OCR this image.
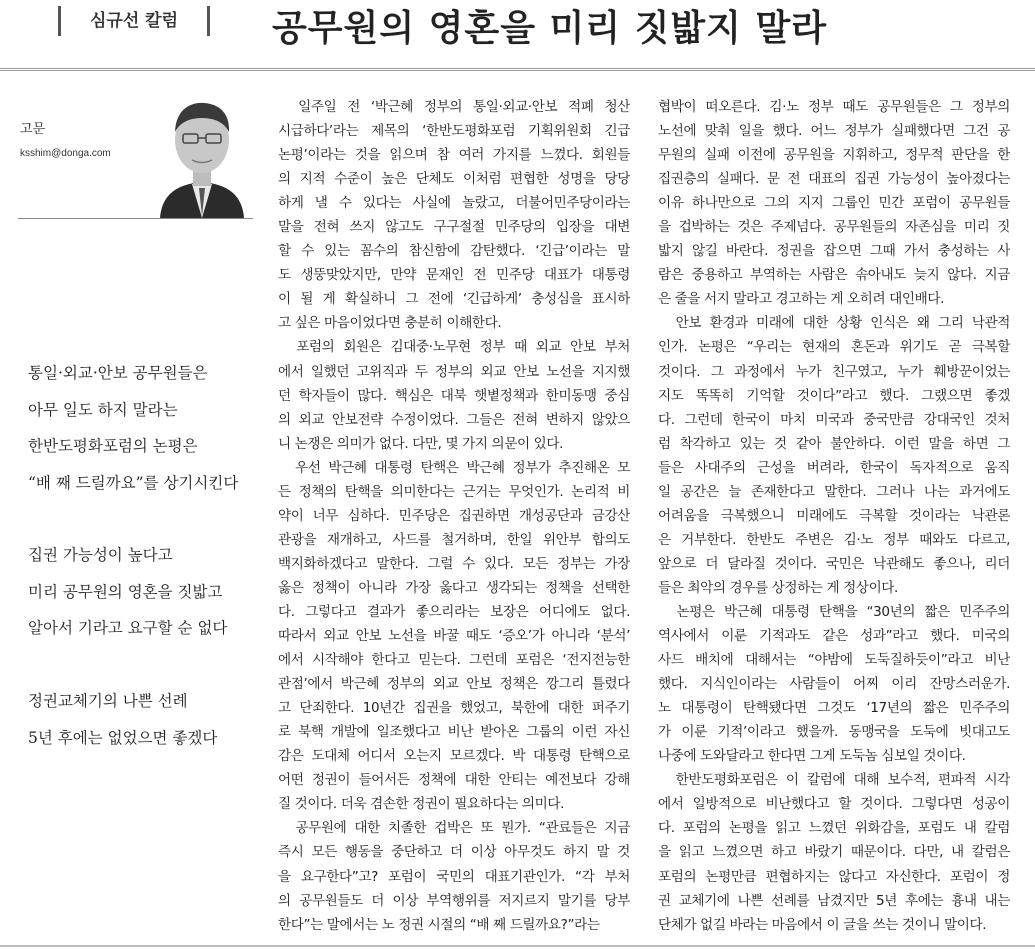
심규선 칼럼	공무원의 영혼을 미리 짓밟지 말라
고문
ksshim@donga.com
통일·외교·안보 공무원들은
아무 일도 하지 말라는
한반도평화포럼의 논평은
“배 째 드릴까요”를 상기시킨다
집권 가능성이 높다고
미리 공무원의 영혼을 짓밟고
알아서 기라고 요구할 순 없다
정권교체기의 나쁜 선례
5년 후에는 없었으면 좋겠다
　일주일 전 ‘박근혜 정부의 통일·외교·안보 적폐 청산
시급하다’라는 제목의 ‘한반도평화포럼 기획위원회 긴급
논평’이라는 것을 읽으며 참 여러 가지를 느꼈다. 회원들
의 지적 수준이 높은 단체도 이처럼 편협한 성명을 당당
하게 낼 수 있다는 사실에 놀랐고, 더불어민주당이라는
말을 전혀 쓰지 않고도 구구절절 민주당의 입장을 대변
할 수 있는 꼼수의 참신함에 감탄했다. ‘긴급’이라는 말
도 생뚱맞았지만, 만약 문재인 전 민주당 대표가 대통령
이 될 게 확실하니 그 전에 ‘긴급하게’ 충성심을 표시하
고 싶은 마음이었다면 충분히 이해한다.
　포럼의 회원은 김대중·노무현 정부 때 외교 안보 부처
에서 일했던 고위직과 두 정부의 외교 안보 노선을 지지했
던 학자들이 많다. 핵심은 대북 햇볕정책과 한미동맹 중심
의 외교 안보전략 수정이었다. 그들은 전혀 변하지 않았으
니 논쟁은 의미가 없다. 다만, 몇 가지 의문이 있다.
　우선 박근혜 대통령 탄핵은 박근혜 정부가 추진해온 모
든 정책의 탄핵을 의미한다는 근거는 무엇인가. 논리적 비
약이 너무 심하다. 민주당은 집권하면 개성공단과 금강산
관광을 재개하고, 사드를 철거하며, 한일 위안부 합의도
백지화하겠다고 말한다. 그럴 수 있다. 모든 정부는 가장
옳은 정책이 아니라 가장 옳다고 생각되는 정책을 선택한
다. 그렇다고 결과가 좋으리라는 보장은 어디에도 없다.
따라서 외교 안보 노선을 바꿀 때도 ‘증오’가 아니라 ‘분석’
에서 시작해야 한다고 믿는다. 그런데 포럼은 ‘전지전능한
관점’에서 박근혜 정부의 외교 안보 정책은 깡그리 틀렸다
고 단죄한다. 10년간 집권을 했었고, 북한에 대한 퍼주기
로 북핵 개발에 일조했다고 비난 받아온 그룹의 이런 자신
감은 도대체 어디서 오는지 모르겠다. 박 대통령 탄핵으로
어떤 정권이 들어서든 정책에 대한 안티는 예전보다 강해
질 것이다. 더욱 겸손한 정권이 필요하다는 의미다.
　공무원에 대한 치졸한 겁박은 또 뭔가. “관료들은 지금
즉시 모든 행동을 중단하고 더 이상 아무것도 하지 말 것
을 요구한다”고? 포럼이 국민의 대표기관인가. “각 부처
의 공무원들도 더 이상 부역행위를 저지르지 말기를 당부
한다”는 말에서는 노 정권 시절의 “배 째 드릴까요?”라는
협박이 떠오른다. 김·노 정부 때도 공무원들은 그 정부의
노선에 맞춰 일을 했다. 어느 정부가 실패했다면 그건 공
무원의 실패 이전에 공무원을 지휘하고, 정무적 판단을 한
집권층의 실패다. 문 전 대표의 집권 가능성이 높아졌다는
이유 하나만으로 그의 지지 그룹인 민간 포럼이 공무원들
을 겁박하는 것은 주제넘다. 공무원들의 자존심을 미리 짓
밟지 않길 바란다. 정권을 잡으면 그때 가서 충성하는 사
람은 중용하고 부역하는 사람은 솎아내도 늦지 않다. 지금
은 줄을 서지 말라고 경고하는 게 오히려 대인배다.
　안보 환경과 미래에 대한 상황 인식은 왜 그리 낙관적
인가. 논평은 “우리는 현재의 혼돈과 위기도 곧 극복할
것이다. 그 과정에서 누가 친구였고, 누가 훼방꾼이었는
지도 똑똑히 기억할 것이다”라고 했다. 그랬으면 좋겠
다. 그런데 한국이 마치 미국과 중국만큼 강대국인 것처
럼 착각하고 있는 것 같아 불안하다. 이런 말을 하면 그
들은 사대주의 근성을 버려라, 한국이 독자적으로 움직
일 공간은 늘 존재한다고 말한다. 그러나 나는 과거에도
어려움을 극복했으니 미래에도 극복할 것이라는 낙관론
은 거부한다. 한반도 주변은 김·노 정부 때와도 다르고,
앞으로 더 달라질 것이다. 국민은 낙관해도 좋으나, 리더
들은 최악의 경우를 상정하는 게 정상이다.
　논평은 박근혜 대통령 탄핵을 “30년의 짧은 민주주의
역사에서 이룬 기적과도 같은 성과”라고 했다. 미국의
사드 배치에 대해서는 “야밤에 도둑질하듯이”라고 비난
했다. 지식인이라는 사람들이 어찌 이리 잔망스러운가.
노 대통령이 탄핵됐다면 그것도 ‘17년의 짧은 민주주의
가 이룬 기적’이라고 했을까. 동맹국을 도둑에 빗대고도
나중에 도와달라고 한다면 그게 도둑놈 심보일 것이다.
　한반도평화포럼은 이 칼럼에 대해 보수적, 편파적 시각
에서 일방적으로 비난했다고 할 것이다. 그렇다면 성공이
다. 포럼의 논평을 읽고 느꼈던 위화감을, 포럼도 내 칼럼
을 읽고 느꼈으면 하고 바랐기 때문이다. 다만, 내 칼럼은
포럼의 논평만큼 편협하지는 않다고 자신한다. 포럼이 정
권 교체기에 나쁜 선례를 남겼지만 5년 후에는 흉내 내는
단체가 없길 바라는 마음에서 이 글을 쓰는 것이니 말이다.
